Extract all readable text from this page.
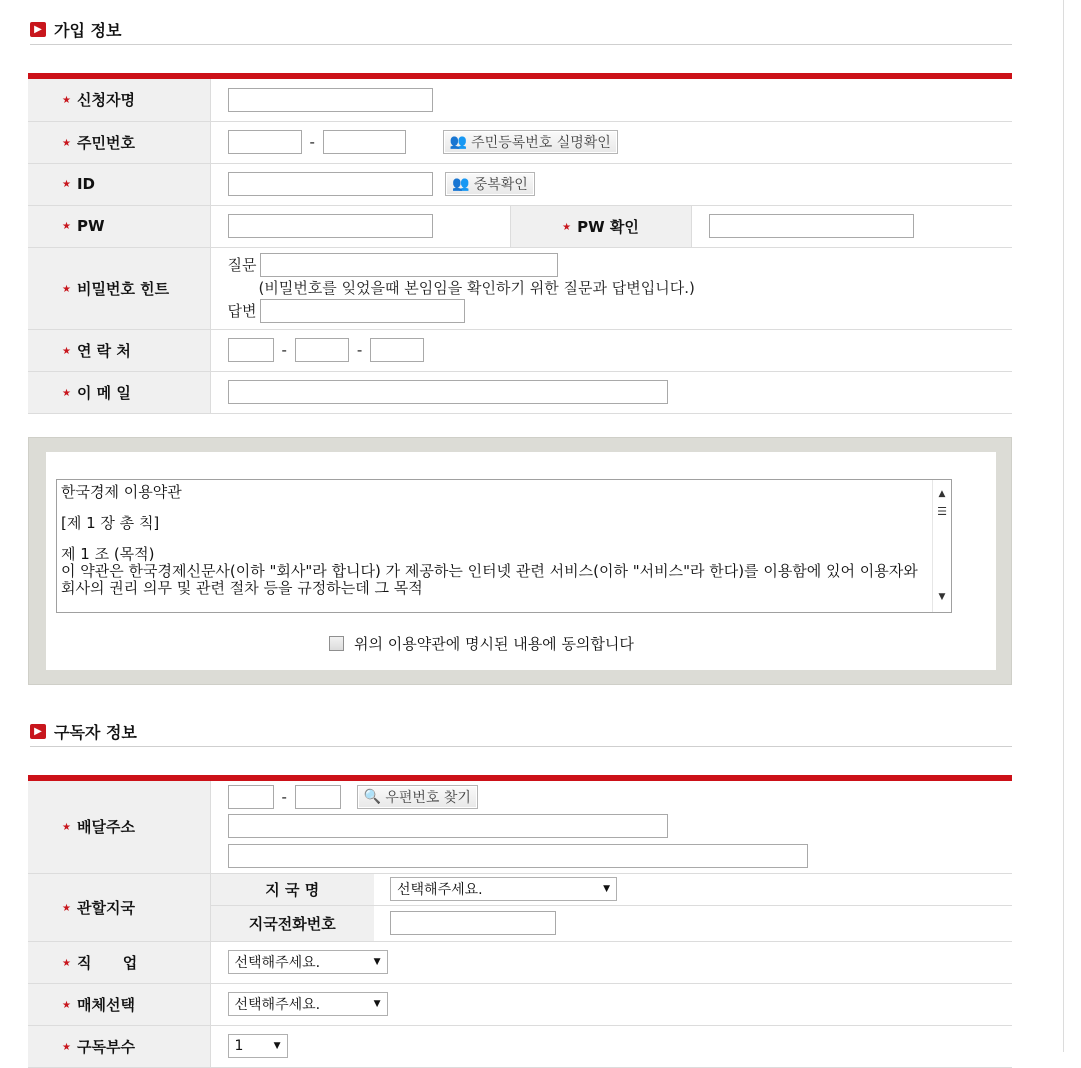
▶ 가입 정보
★ 신청자명			
★ 주민번호	- 👥 주민등록번호 실명확인		

★ ID	👥 중복확인		

★ PW		★ PW 확인	
★ 비밀번호 힌트	질문
(비밀번호를 잊었을때 본임임을 확인하기 위한 질문과 답변입니다.)
답변		

★ 연 락 처	- -		
★ 이 메 일			

한국경제 이용약관

[제 1 장 총 칙]

제 1 조 (목적)
이 약관은 한국경제신문사(이하 "회사"라 합니다) 가 제공하는 인터넷 관련 서비스(이하 "서비스"라 한다)를 이용함에 있어 이용자와 회사의 권리 의무 및 관련 절차 등을 규정하는데 그 목적
▲
☰
▼
위의 이용약관에 명시된 내용에 동의합니다
▶ 구독자 정보
★ 배달주소	- 🔍 우편번호 찾기	

★ 관할지국	지 국 명	선택해주세요. ▼

	지국전화번호	
★ 직      업	선택해주세요. ▼	

★ 매체선택	선택해주세요. ▼	

★ 구독부수	1 ▼	
